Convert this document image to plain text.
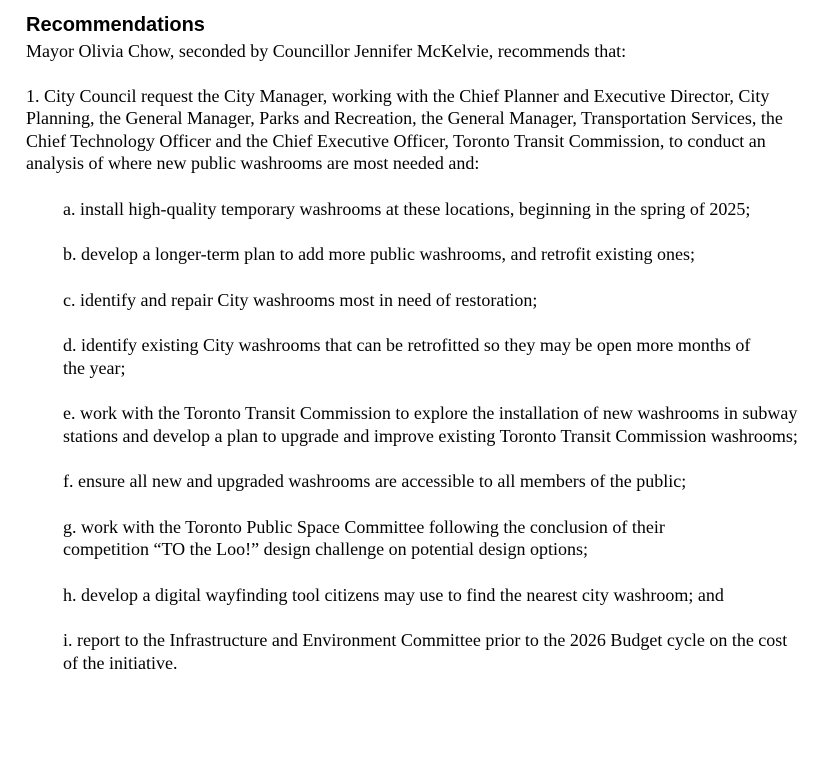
Recommendations

Mayor Olivia Chow, seconded by Councillor Jennifer McKelvie, recommends that:

1. City Council request the City Manager, working with the Chief Planner and Executive Director, City Planning, the General Manager, Parks and Recreation, the General Manager, Transportation Services, the Chief Technology Officer and the Chief Executive Officer, Toronto Transit Commission, to conduct an analysis of where new public washrooms are most needed and:

a. install high-quality temporary washrooms at these locations, beginning in the spring of 2025;

b. develop a longer-term plan to add more public washrooms, and retrofit existing ones;

c. identify and repair City washrooms most in need of restoration;

d. identify existing City washrooms that can be retrofitted so they may be open more months of the year;

e. work with the Toronto Transit Commission to explore the installation of new washrooms in subway stations and develop a plan to upgrade and improve existing Toronto Transit Commission washrooms;

f. ensure all new and upgraded washrooms are accessible to all members of the public;

g. work with the Toronto Public Space Committee following the conclusion of their competition “TO the Loo!” design challenge on potential design options;

h. develop a digital wayfinding tool citizens may use to find the nearest city washroom; and

i. report to the Infrastructure and Environment Committee prior to the 2026 Budget cycle on the cost of the initiative.
